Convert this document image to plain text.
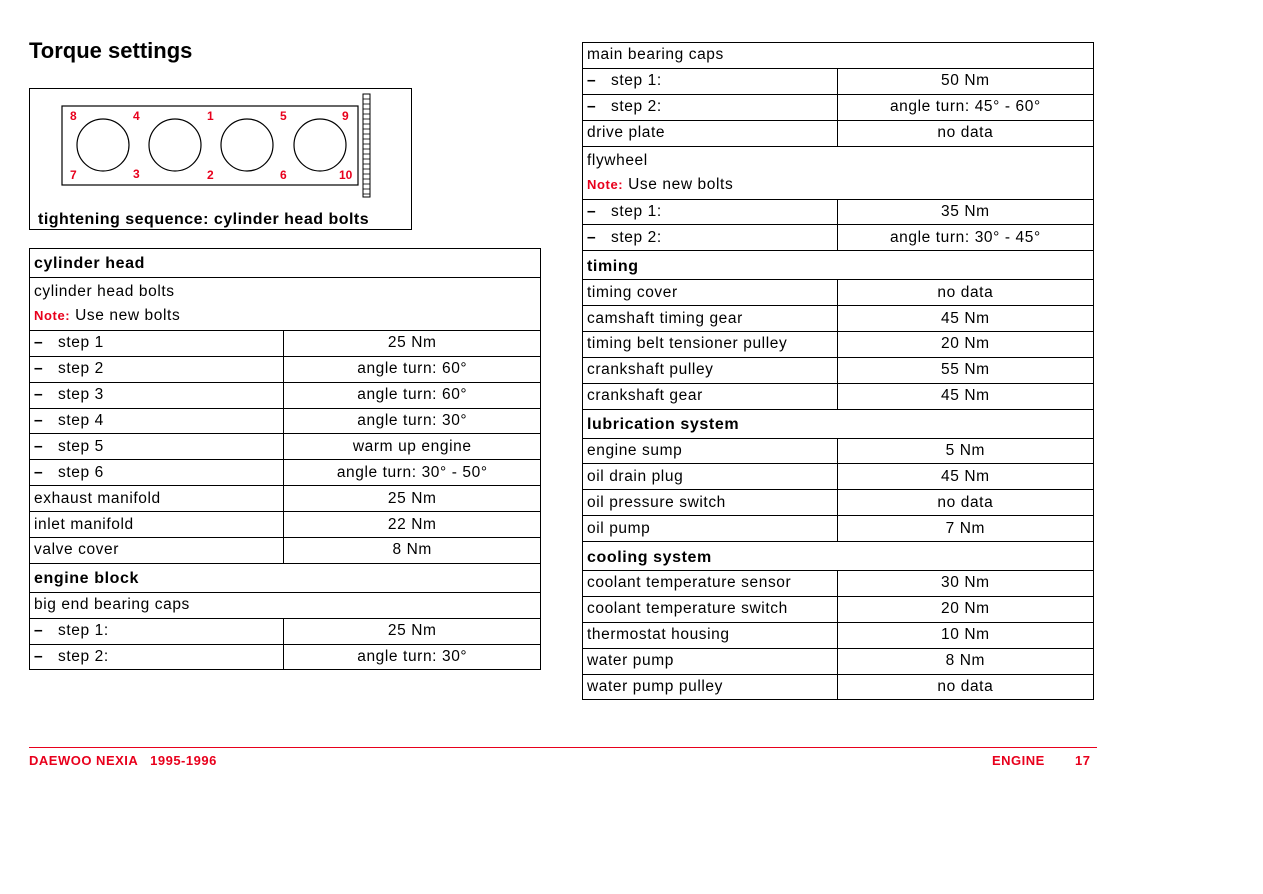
Torque settings
8	4	1	5	9
7	3	2	6	10
tightening sequence: cylinder head bolts
cylinder head	
cylinder head bolts
Note: Use new bolts	
– step 1	25 Nm
– step 2	angle turn: 60°
– step 3	angle turn: 60°
– step 4	angle turn: 30°
– step 5	warm up engine
– step 6	angle turn: 30° - 50°
exhaust manifold	25 Nm
inlet manifold	22 Nm
valve cover	8 Nm
engine block	
big end bearing caps	
– step 1:	25 Nm
– step 2:	angle turn: 30°
main bearing caps	
– step 1:	50 Nm
– step 2:	angle turn: 45° - 60°
drive plate	no data
flywheel
Note: Use new bolts	
– step 1:	35 Nm
– step 2:	angle turn: 30° - 45°
timing	
timing cover	no data
camshaft timing gear	45 Nm
timing belt tensioner pulley	20 Nm
crankshaft pulley	55 Nm
crankshaft gear	45 Nm
lubrication system	
engine sump	5 Nm
oil drain plug	45 Nm
oil pressure switch	no data
oil pump	7 Nm
cooling system	
coolant temperature sensor	30 Nm
coolant temperature switch	20 Nm
thermostat housing	10 Nm
water pump	8 Nm
water pump pulley	no data
DAEWOO NEXIA   1995-1996	ENGINE 17
